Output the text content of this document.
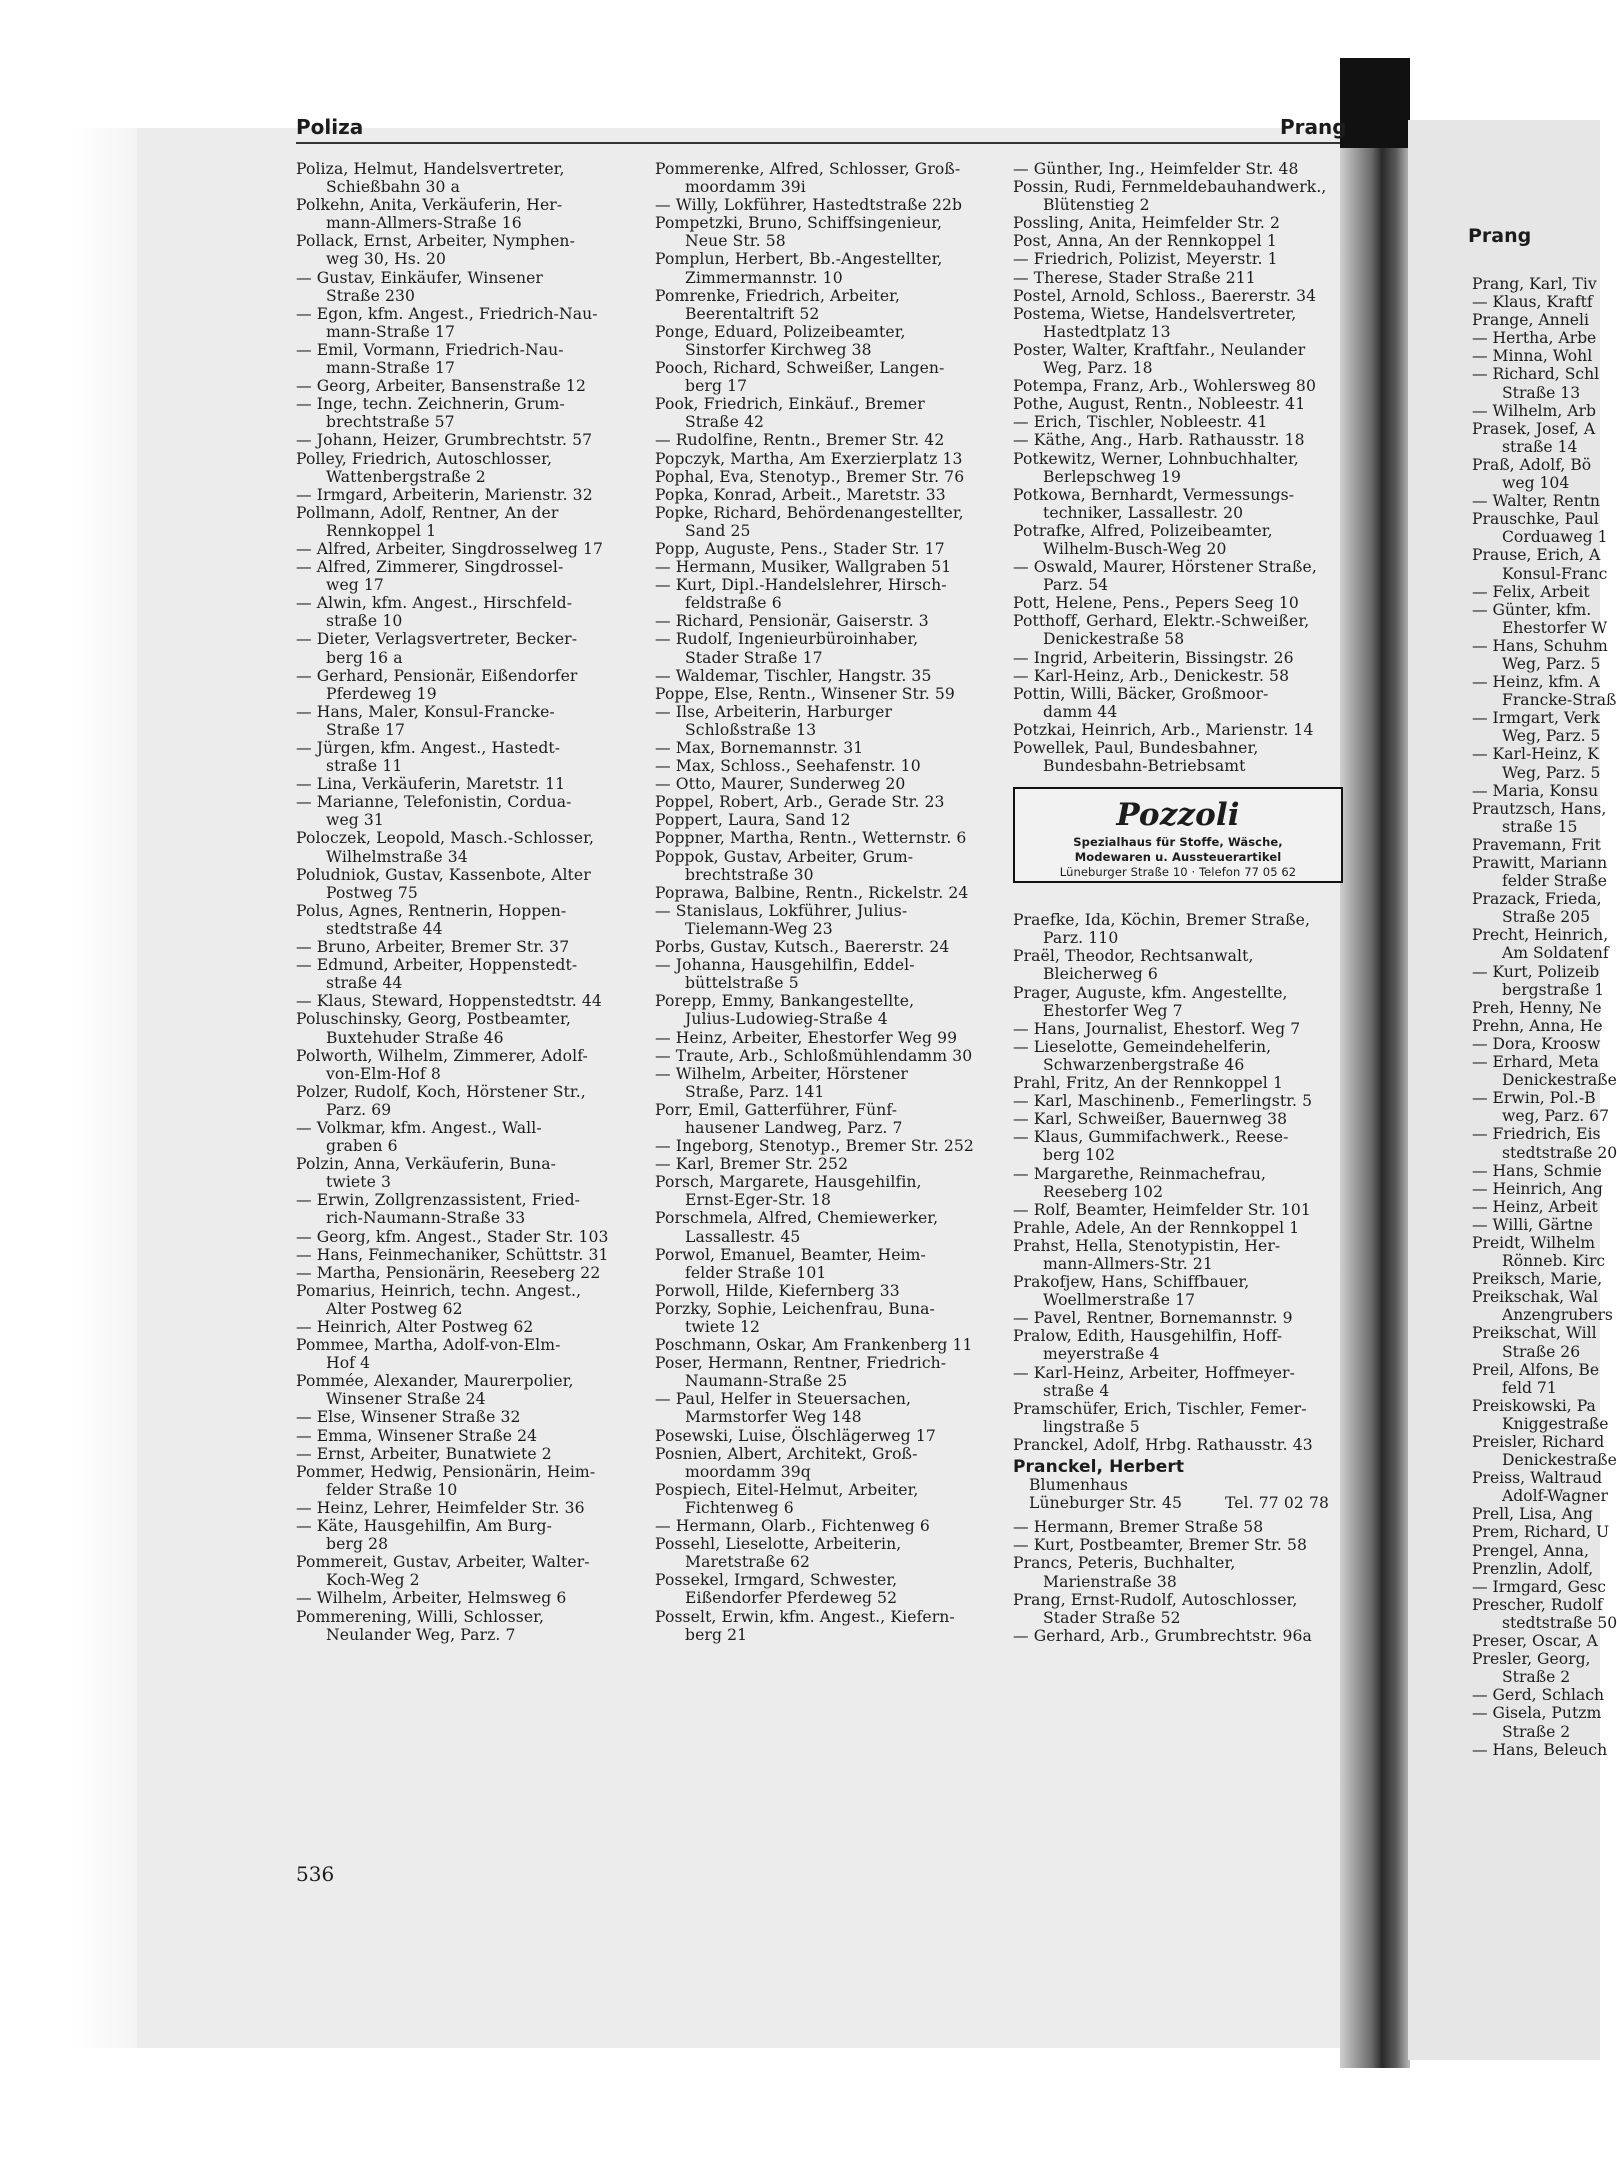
Prang
Prang, Karl, Tiv
— Klaus, Kraftf
Prange, Anneli
— Hertha, Arbe
— Minna, Wohl
— Richard, Schl
Straße 13
— Wilhelm, Arb
Prasek, Josef, A
straße 14
Praß, Adolf, Bö
weg 104
— Walter, Rentn
Prauschke, Paul
Corduaweg 1
Prause, Erich, A
Konsul-Franc
— Felix, Arbeit
— Günter, kfm.
Ehestorfer W
— Hans, Schuhm
Weg, Parz. 5
— Heinz, kfm. A
Francke-Straß
— Irmgart, Verk
Weg, Parz. 5
— Karl-Heinz, K
Weg, Parz. 5
— Maria, Konsu
Prautzsch, Hans,
straße 15
Pravemann, Frit
Prawitt, Mariann
felder Straße
Prazack, Frieda,
Straße 205
Precht, Heinrich,
Am Soldatenf
— Kurt, Polizeib
bergstraße 1
Preh, Henny, Ne
Prehn, Anna, He
— Dora, Kroosw
— Erhard, Meta
Denickestraße
— Erwin, Pol.-B
weg, Parz. 67
— Friedrich, Eis
stedtstraße 20
— Hans, Schmie
— Heinrich, Ang
— Heinz, Arbeit
— Willi, Gärtne
Preidt, Wilhelm
Rönneb. Kirc
Preiksch, Marie,
Preikschak, Wal
Anzengrubers
Preikschat, Will
Straße 26
Preil, Alfons, Be
feld 71
Preiskowski, Pa
Kniggestraße
Preisler, Richard
Denickestraße
Preiss, Waltraud
Adolf-Wagner
Prell, Lisa, Ang
Prem, Richard, U
Prengel, Anna,
Prenzlin, Adolf,
— Irmgard, Gesc
Prescher, Rudolf
stedtstraße 50
Preser, Oscar, A
Presler, Georg,
Straße 2
— Gerd, Schlach
— Gisela, Putzm
Straße 2
— Hans, Beleuch
Poliza	Prang
Poliza, Helmut, Handelsvertreter,
Schießbahn 30 a
Polkehn, Anita, Verkäuferin, Her-
mann-Allmers-Straße 16
Pollack, Ernst, Arbeiter, Nymphen-
weg 30, Hs. 20
— Gustav, Einkäufer, Winsener
Straße 230
— Egon, kfm. Angest., Friedrich-Nau-
mann-Straße 17
— Emil, Vormann, Friedrich-Nau-
mann-Straße 17
— Georg, Arbeiter, Bansenstraße 12
— Inge, techn. Zeichnerin, Grum-
brechtstraße 57
— Johann, Heizer, Grumbrechtstr. 57
Polley, Friedrich, Autoschlosser,
Wattenbergstraße 2
— Irmgard, Arbeiterin, Marienstr. 32
Pollmann, Adolf, Rentner, An der
Rennkoppel 1
— Alfred, Arbeiter, Singdrosselweg 17
— Alfred, Zimmerer, Singdrossel-
weg 17
— Alwin, kfm. Angest., Hirschfeld-
straße 10
— Dieter, Verlagsvertreter, Becker-
berg 16 a
— Gerhard, Pensionär, Eißendorfer
Pferdeweg 19
— Hans, Maler, Konsul-Francke-
Straße 17
— Jürgen, kfm. Angest., Hastedt-
straße 11
— Lina, Verkäuferin, Maretstr. 11
— Marianne, Telefonistin, Corduа-
weg 31
Poloczek, Leopold, Masch.-Schlosser,
Wilhelmstraße 34
Poludniok, Gustav, Kassenbote, Alter
Postweg 75
Polus, Agnes, Rentnerin, Hoppen-
stedtstraße 44
— Bruno, Arbeiter, Bremer Str. 37
— Edmund, Arbeiter, Hoppenstedt-
straße 44
— Klaus, Steward, Hoppenstedtstr. 44
Poluschinsky, Georg, Postbeamter,
Buxtehuder Straße 46
Polworth, Wilhelm, Zimmerer, Adolf-
von-Elm-Hof 8
Polzer, Rudolf, Koch, Hörstener Str.,
Parz. 69
— Volkmar, kfm. Angest., Wall-
graben 6
Polzin, Anna, Verkäuferin, Buna-
twiete 3
— Erwin, Zollgrenzassistent, Fried-
rich-Naumann-Straße 33
— Georg, kfm. Angest., Stader Str. 103
— Hans, Feinmechaniker, Schüttstr. 31
— Martha, Pensionärin, Reeseberg 22
Pomarius, Heinrich, techn. Angest.,
Alter Postweg 62
— Heinrich, Alter Postweg 62
Pommee, Martha, Adolf-von-Elm-
Hof 4
Pommée, Alexander, Maurerpolier,
Winsener Straße 24
— Else, Winsener Straße 32
— Emma, Winsener Straße 24
— Ernst, Arbeiter, Bunatwiete 2
Pommer, Hedwig, Pensionärin, Heim-
felder Straße 10
— Heinz, Lehrer, Heimfelder Str. 36
— Käte, Hausgehilfin, Am Burg-
berg 28
Pommereit, Gustav, Arbeiter, Walter-
Koch-Weg 2
— Wilhelm, Arbeiter, Helmsweg 6
Pommerening, Willi, Schlosser,
Neulander Weg, Parz. 7
Pommerenke, Alfred, Schlosser, Groß-
moordamm 39i
— Willy, Lokführer, Hastedtstraße 22b
Pompetzki, Bruno, Schiffsingenieur,
Neue Str. 58
Pomplun, Herbert, Bb.-Angestellter,
Zimmermannstr. 10
Pomrenke, Friedrich, Arbeiter,
Beerentaltrift 52
Ponge, Eduard, Polizeibeamter,
Sinstorfer Kirchweg 38
Pooch, Richard, Schweißer, Langen-
berg 17
Pook, Friedrich, Einkäuf., Bremer
Straße 42
— Rudolfine, Rentn., Bremer Str. 42
Popczyk, Martha, Am Exerzierplatz 13
Pophal, Eva, Stenotyp., Bremer Str. 76
Popka, Konrad, Arbeit., Maretstr. 33
Popke, Richard, Behördenangestellter,
Sand 25
Popp, Auguste, Pens., Stader Str. 17
— Hermann, Musiker, Wallgraben 51
— Kurt, Dipl.-Handelslehrer, Hirsch-
feldstraße 6
— Richard, Pensionär, Gaiserstr. 3
— Rudolf, Ingenieurbüroinhaber,
Stader Straße 17
— Waldemar, Tischler, Hangstr. 35
Poppe, Else, Rentn., Winsener Str. 59
— Ilse, Arbeiterin, Harburger
Schloßstraße 13
— Max, Bornemannstr. 31
— Max, Schloss., Seehafenstr. 10
— Otto, Maurer, Sunderweg 20
Poppel, Robert, Arb., Gerade Str. 23
Poppert, Laura, Sand 12
Poppner, Martha, Rentn., Wetternstr. 6
Poppok, Gustav, Arbeiter, Grum-
brechtstraße 30
Poprawa, Balbine, Rentn., Rickelstr. 24
— Stanislaus, Lokführer, Julius-
Tielemann-Weg 23
Porbs, Gustav, Kutsch., Baererstr. 24
— Johanna, Hausgehilfin, Eddel-
büttelstraße 5
Porepp, Emmy, Bankangestellte,
Julius-Ludowieg-Straße 4
— Heinz, Arbeiter, Ehestorfer Weg 99
— Traute, Arb., Schloßmühlendamm 30
— Wilhelm, Arbeiter, Hörstener
Straße, Parz. 141
Porr, Emil, Gatterführer, Fünf-
hausener Landweg, Parz. 7
— Ingeborg, Stenotyp., Bremer Str. 252
— Karl, Bremer Str. 252
Porsch, Margarete, Hausgehilfin,
Ernst-Eger-Str. 18
Porschmela, Alfred, Chemiewerker,
Lassallestr. 45
Porwol, Emanuel, Beamter, Heim-
felder Straße 101
Porwoll, Hilde, Kiefernberg 33
Porzky, Sophie, Leichenfrau, Buna-
twiete 12
Poschmann, Oskar, Am Frankenberg 11
Poser, Hermann, Rentner, Friedrich-
Naumann-Straße 25
— Paul, Helfer in Steuersachen,
Marmstorfer Weg 148
Posewski, Luise, Ölschlägerweg 17
Posnien, Albert, Architekt, Groß-
moordamm 39q
Pospiech, Eitel-Helmut, Arbeiter,
Fichtenweg 6
— Hermann, Olarb., Fichtenweg 6
Possehl, Lieselotte, Arbeiterin,
Maretstraße 62
Possekel, Irmgard, Schwester,
Eißendorfer Pferdeweg 52
Posselt, Erwin, kfm. Angest., Kiefern-
berg 21
— Günther, Ing., Heimfelder Str. 48
Possin, Rudi, Fernmeldebauhandwerk.,
Blütenstieg 2
Possling, Anita, Heimfelder Str. 2
Post, Anna, An der Rennkoppel 1
— Friedrich, Polizist, Meyerstr. 1
— Therese, Stader Straße 211
Postel, Arnold, Schloss., Baererstr. 34
Postema, Wietse, Handelsvertreter,
Hastedtplatz 13
Poster, Walter, Kraftfahr., Neulander
Weg, Parz. 18
Potempa, Franz, Arb., Wohlersweg 80
Pothe, August, Rentn., Nobleestr. 41
— Erich, Tischler, Nobleestr. 41
— Käthe, Ang., Harb. Rathausstr. 18
Potkewitz, Werner, Lohnbuchhalter,
Berlepschweg 19
Potkowa, Bernhardt, Vermessungs-
techniker, Lassallestr. 20
Potrafke, Alfred, Polizeibeamter,
Wilhelm-Busch-Weg 20
— Oswald, Maurer, Hörstener Straße,
Parz. 54
Pott, Helene, Pens., Pepers Seeg 10
Potthoff, Gerhard, Elektr.-Schweißer,
Denickestraße 58
— Ingrid, Arbeiterin, Bissingstr. 26
— Karl-Heinz, Arb., Denickestr. 58
Pottin, Willi, Bäcker, Großmoor-
damm 44
Potzkai, Heinrich, Arb., Marienstr. 14
Powellek, Paul, Bundesbahner,
Bundesbahn-Betriebsamt
Pozzoli
Spezialhaus für Stoffe, Wäsche,
Modewaren u. Aussteuerartikel
Lüneburger Straße 10 · Telefon 77 05 62
Praefke, Ida, Köchin, Bremer Straße,
Parz. 110
Praël, Theodor, Rechtsanwalt,
Bleicherweg 6
Prager, Auguste, kfm. Angestellte,
Ehestorfer Weg 7
— Hans, Journalist, Ehestorf. Weg 7
— Lieselotte, Gemeindehelferin,
Schwarzenbergstraße 46
Prahl, Fritz, An der Rennkoppel 1
— Karl, Maschinenb., Femerlingstr. 5
— Karl, Schweißer, Bauernweg 38
— Klaus, Gummifachwerk., Reese-
berg 102
— Margarethe, Reinmachefrau,
Reeseberg 102
— Rolf, Beamter, Heimfelder Str. 101
Prahle, Adele, An der Rennkoppel 1
Prahst, Hella, Stenotypistin, Her-
mann-Allmers-Str. 21
Prakofjew, Hans, Schiffbauer,
Woellmerstraße 17
— Pavel, Rentner, Bornemannstr. 9
Pralow, Edith, Hausgehilfin, Hoff-
meyerstraße 4
— Karl-Heinz, Arbeiter, Hoffmeyer-
straße 4
Pramschüfer, Erich, Tischler, Femer-
lingstraße 5
Pranckel, Adolf, Hrbg. Rathausstr. 43
Pranckel, Herbert
Blumenhaus
Lüneburger Str. 45	Tel. 77 02 78
— Hermann, Bremer Straße 58
— Kurt, Postbeamter, Bremer Str. 58
Prancs, Peteris, Buchhalter,
Marienstraße 38
Prang, Ernst-Rudolf, Autoschlosser,
Stader Straße 52
— Gerhard, Arb., Grumbrechtstr. 96a
536
